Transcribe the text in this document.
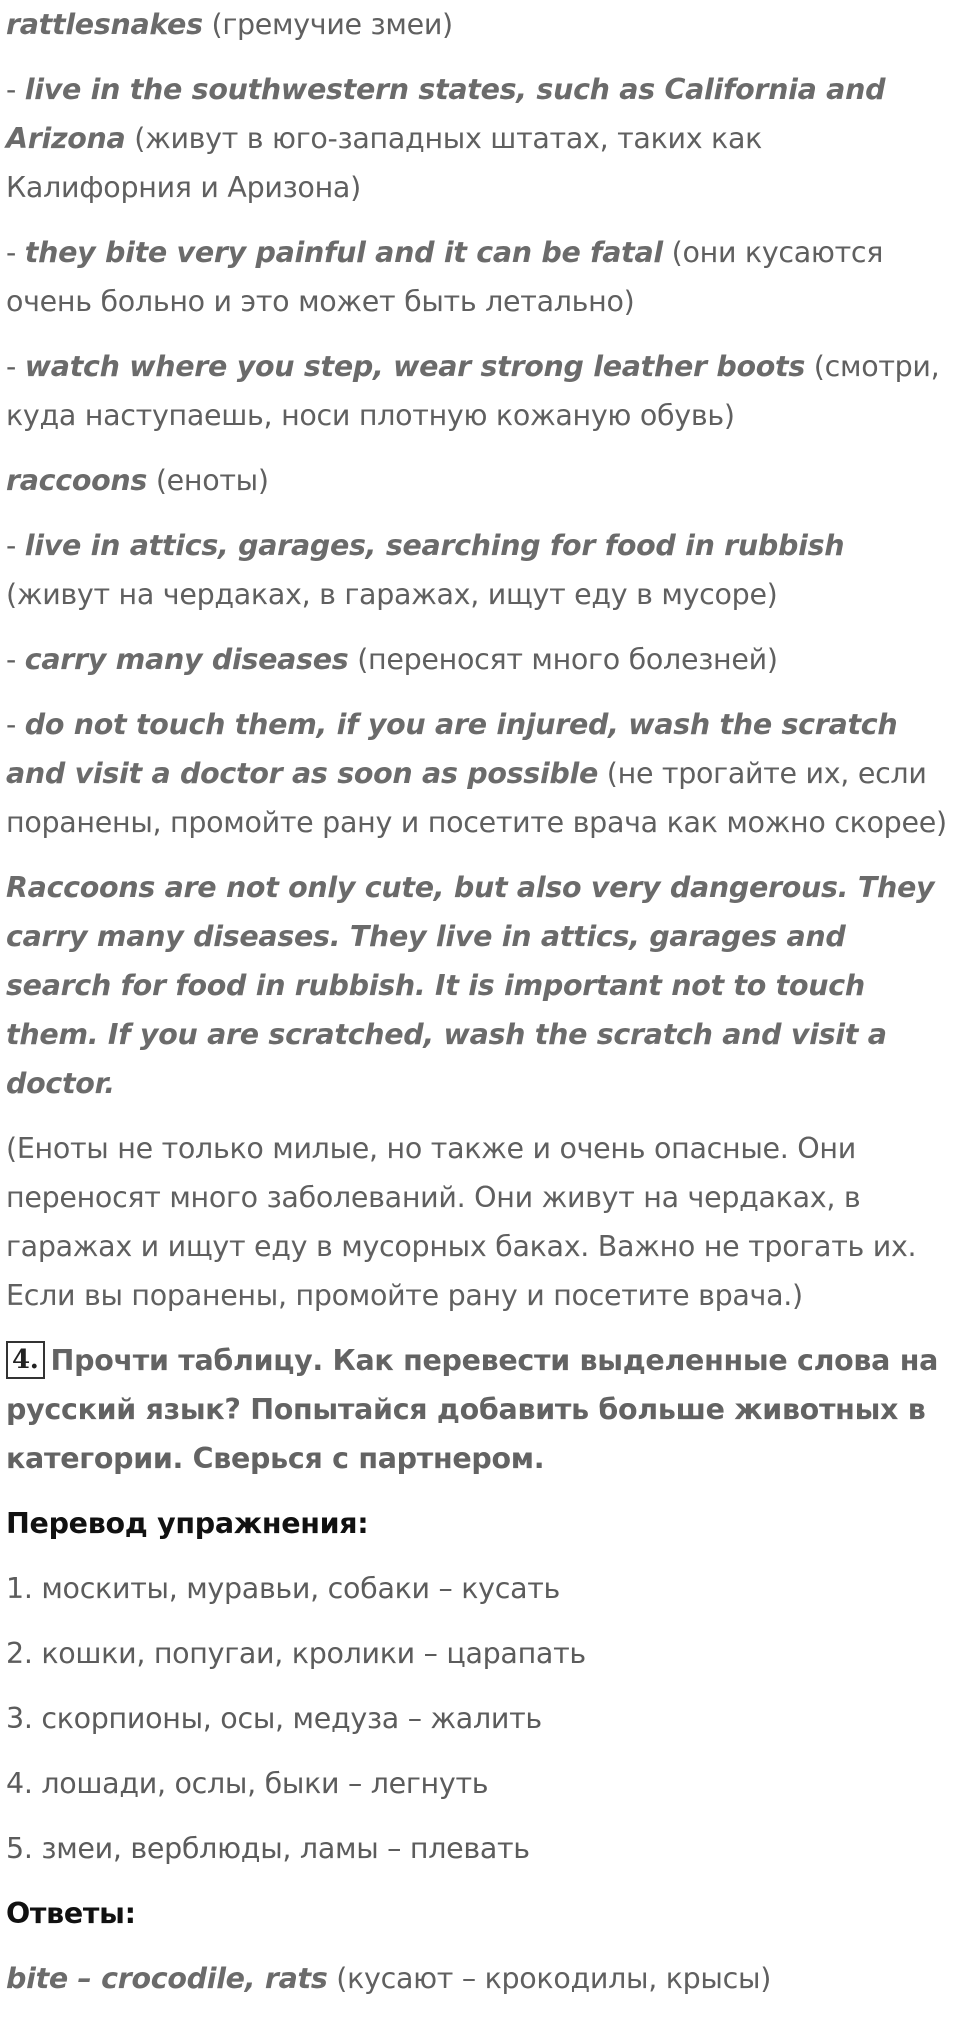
rattlesnakes (гремучие змеи)

- live in the southwestern states, such as California and Arizona (живут в юго-западных штатах, таких как Калифорния и Аризона)

- they bite very painful and it can be fatal (они кусаются очень больно и это может быть летально)

- watch where you step, wear strong leather boots (смотри, куда наступаешь, носи плотную кожаную обувь)

raccoons (еноты)

- live in attics, garages, searching for food in rubbish (живут на чердаках, в гаражах, ищут еду в мусоре)

- carry many diseases (переносят много болезней)

- do not touch them, if you are injured, wash the scratch and visit a doctor as soon as possible (не трогайте их, если поранены, промойте рану и посетите врача как можно скорее)

Raccoons are not only cute, but also very dangerous. They carry many diseases. They live in attics, garages and search for food in rubbish. It is important not to touch them. If you are scratched, wash the scratch and visit a doctor.

(Еноты не только милые, но также и очень опасные. Они переносят много заболеваний. Они живут на чердаках, в гаражах и ищут еду в мусорных баках. Важно не трогать их. Если вы поранены, промойте рану и посетите врача.)

4. Прочти таблицу. Как перевести выделенные слова на русский язык? Попытайся добавить больше животных в категории. Сверься с партнером.

Перевод упражнения:

1. москиты, муравьи, собаки – кусать

2. кошки, попугаи, кролики – царапать

3. скорпионы, осы, медуза – жалить

4. лошади, ослы, быки – легнуть

5. змеи, верблюды, ламы – плевать

Ответы:

bite – crocodile, rats (кусают – крокодилы, крысы)
